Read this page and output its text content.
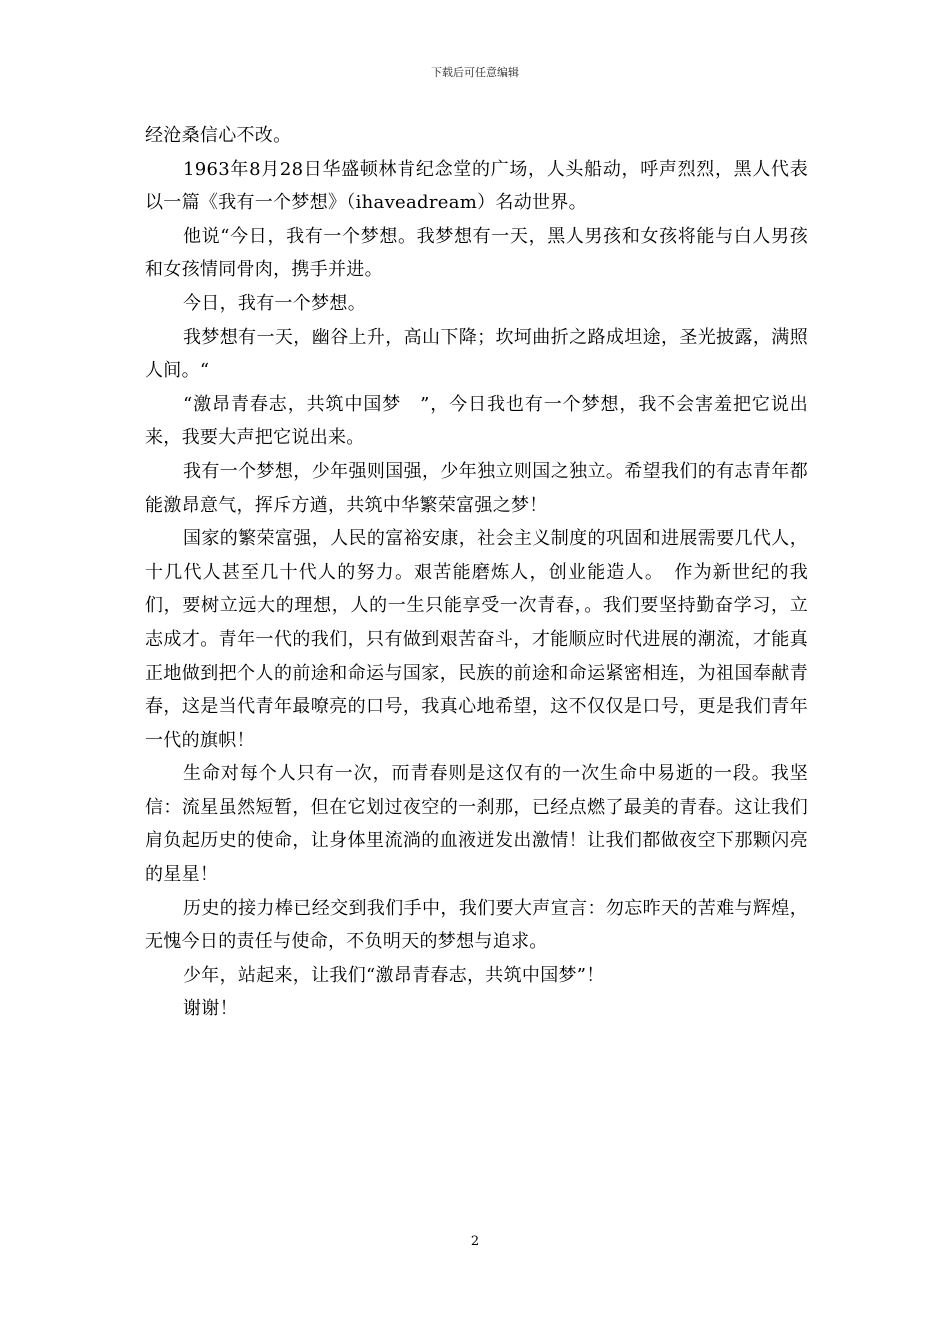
下载后可任意编辑

经沧桑信心不改。

1963年8月28日华盛顿林肯纪念堂的广场，人头船动，呼声烈烈，黑人代表以一篇《我有一个梦想》（ihaveadream）名动世界。

他说“今日，我有一个梦想。我梦想有一天，黑人男孩和女孩将能与白人男孩和女孩情同骨肉，携手并进。

今日，我有一个梦想。

我梦想有一天，幽谷上升，高山下降；坎坷曲折之路成坦途，圣光披露，满照人间。“

“激昂青春志，共筑中国梦　”，今日我也有一个梦想，我不会害羞把它说出来，我要大声把它说出来。

我有一个梦想，少年强则国强，少年独立则国之独立。希望我们的有志青年都能激昂意气，挥斥方遒，共筑中华繁荣富强之梦！

国家的繁荣富强，人民的富裕安康，社会主义制度的巩固和进展需要几代人，十几代人甚至几十代人的努力。艰苦能磨炼人，创业能造人。　作为新世纪的我们，要树立远大的理想，人的一生只能享受一次青春，。我们要坚持勤奋学习，立志成才。青年一代的我们，只有做到艰苦奋斗，才能顺应时代进展的潮流，才能真正地做到把个人的前途和命运与国家，民族的前途和命运紧密相连，为祖国奉献青春，这是当代青年最嘹亮的口号，我真心地希望，这不仅仅是口号，更是我们青年一代的旗帜！

生命对每个人只有一次，而青春则是这仅有的一次生命中易逝的一段。我坚信：流星虽然短暂，但在它划过夜空的一刹那，已经点燃了最美的青春。这让我们肩负起历史的使命，让身体里流淌的血液迸发出激情！让我们都做夜空下那颗闪亮的星星！

历史的接力棒已经交到我们手中，我们要大声宣言：勿忘昨天的苦难与辉煌，无愧今日的责任与使命，不负明天的梦想与追求。

少年，站起来，让我们“激昂青春志，共筑中国梦”！

谢谢！

2
